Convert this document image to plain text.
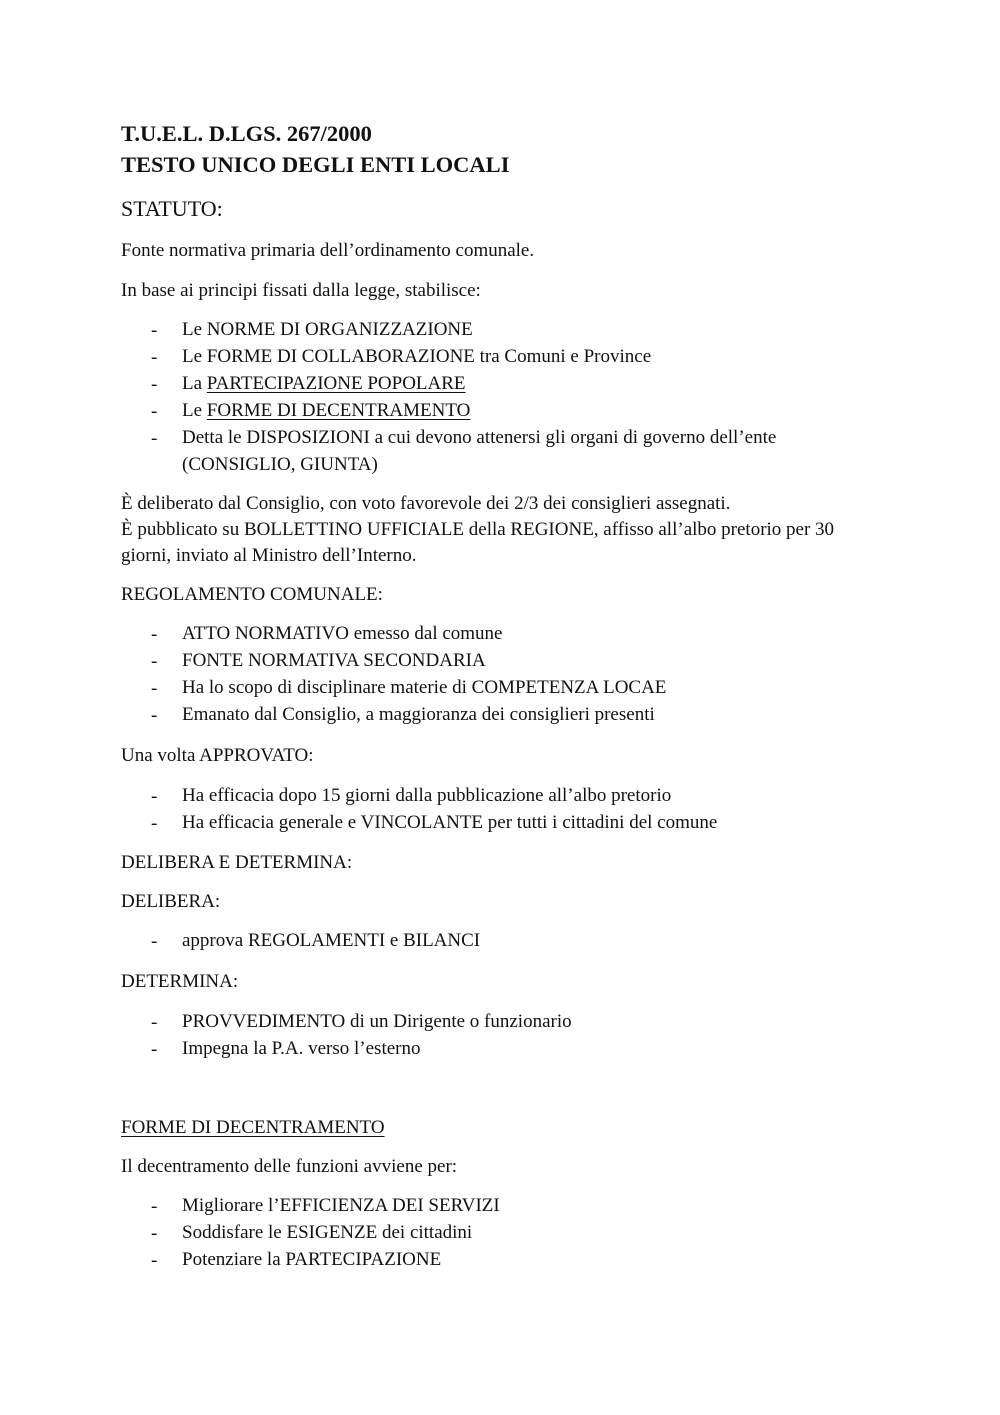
T.U.E.L. D.LGS. 267/2000
TESTO UNICO DEGLI ENTI LOCALI

STATUTO:

Fonte normativa primaria dell’ordinamento comunale.

In base ai principi fissati dalla legge, stabilisce:

- Le NORME DI ORGANIZZAZIONE

- Le FORME DI COLLABORAZIONE tra Comuni e Province

- La PARTECIPAZIONE POPOLARE

- Le FORME DI DECENTRAMENTO

- Detta le DISPOSIZIONI a cui devono attenersi gli organi di governo dell’ente

(CONSIGLIO, GIUNTA)

È deliberato dal Consiglio, con voto favorevole dei 2/3 dei consiglieri assegnati.

È pubblicato su BOLLETTINO UFFICIALE della REGIONE, affisso all’albo pretorio per 30

giorni, inviato al Ministro dell’Interno.

REGOLAMENTO COMUNALE:

- ATTO NORMATIVO emesso dal comune

- FONTE NORMATIVA SECONDARIA

- Ha lo scopo di disciplinare materie di COMPETENZA LOCAE

- Emanato dal Consiglio, a maggioranza dei consiglieri presenti

Una volta APPROVATO:

- Ha efficacia dopo 15 giorni dalla pubblicazione all’albo pretorio

- Ha efficacia generale e VINCOLANTE per tutti i cittadini del comune

DELIBERA E DETERMINA:

DELIBERA:

- approva REGOLAMENTI e BILANCI

DETERMINA:

- PROVVEDIMENTO di un Dirigente o funzionario

- Impegna la P.A. verso l’esterno

FORME DI DECENTRAMENTO

Il decentramento delle funzioni avviene per:

- Migliorare l’EFFICIENZA DEI SERVIZI

- Soddisfare le ESIGENZE dei cittadini

- Potenziare la PARTECIPAZIONE
